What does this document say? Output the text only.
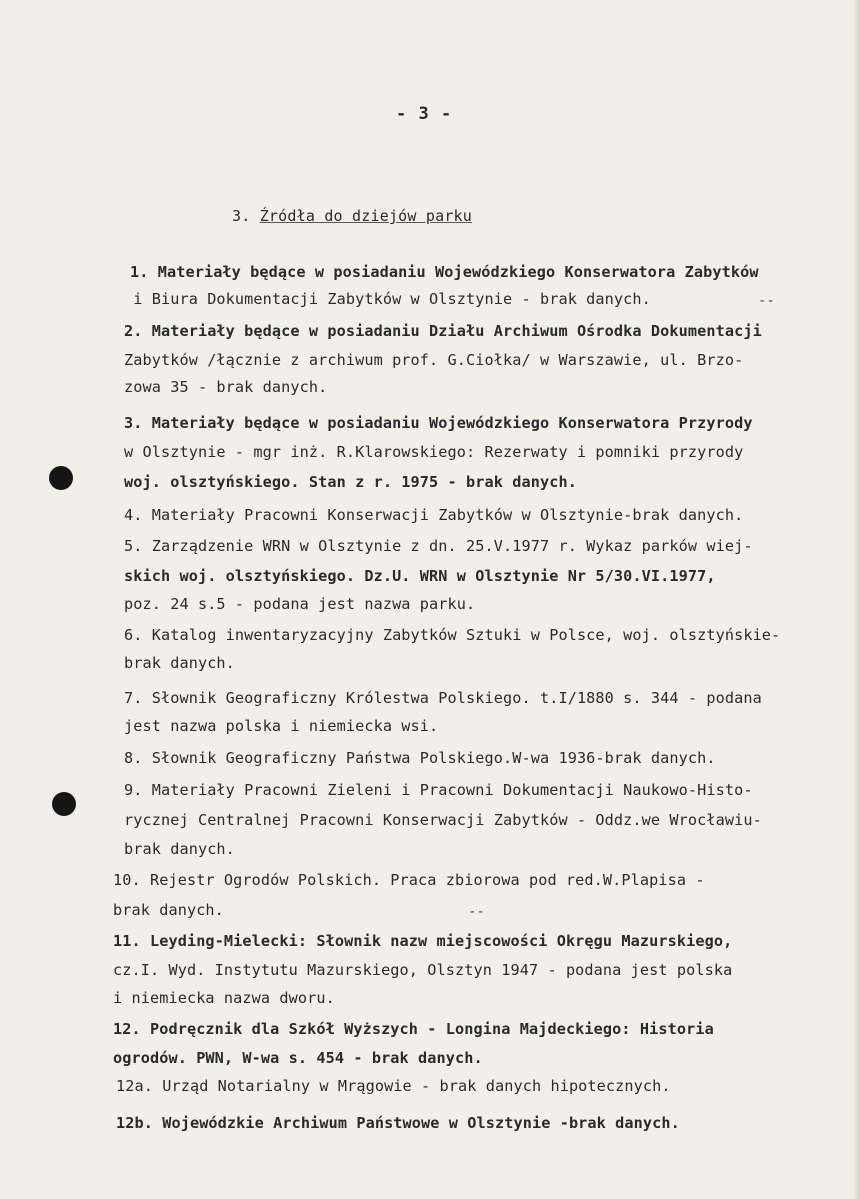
- 3 -
3. Źródła do dziejów parku
1. Materiały będące w posiadaniu Wojewódzkiego Konserwatora Zabytków
i Biura Dokumentacji Zabytków w Olsztynie - brak danych.	--
2. Materiały będące w posiadaniu Działu Archiwum Ośrodka Dokumentacji
Zabytków /łącznie z archiwum prof. G.Ciołka/ w Warszawie, ul. Brzo-
zowa 35 - brak danych.
3. Materiały będące w posiadaniu Wojewódzkiego Konserwatora Przyrody
w Olsztynie - mgr inż. R.Klarowskiego: Rezerwaty i pomniki przyrody
woj. olsztyńskiego. Stan z r. 1975 - brak danych.
4. Materiały Pracowni Konserwacji Zabytków w Olsztynie-brak danych.
5. Zarządzenie WRN w Olsztynie z dn. 25.V.1977 r. Wykaz parków wiej-
skich woj. olsztyńskiego. Dz.U. WRN w Olsztynie Nr 5/30.VI.1977,
poz. 24 s.5 - podana jest nazwa parku.
6. Katalog inwentaryzacyjny Zabytków Sztuki w Polsce, woj. olsztyńskie-
brak danych.
7. Słownik Geograficzny Królestwa Polskiego. t.I/1880 s. 344 - podana
jest nazwa polska i niemiecka wsi.
8. Słownik Geograficzny Państwa Polskiego.W-wa 1936-brak danych.
9. Materiały Pracowni Zieleni i Pracowni Dokumentacji Naukowo-Histo-
rycznej Centralnej Pracowni Konserwacji Zabytków - Oddz.we Wrocławiu-
brak danych.
10. Rejestr Ogrodów Polskich. Praca zbiorowa pod red.W.Plapisa -
brak danych.	--
11. Leyding-Mielecki: Słownik nazw miejscowości Okręgu Mazurskiego,
cz.I. Wyd. Instytutu Mazurskiego, Olsztyn 1947 - podana jest polska
i niemiecka nazwa dworu.
12. Podręcznik dla Szkół Wyższych - Longina Majdeckiego: Historia
ogrodów. PWN, W-wa s. 454 - brak danych.
12a. Urząd Notarialny w Mrągowie - brak danych hipotecznych.
12b. Wojewódzkie Archiwum Państwowe w Olsztynie -brak danych.
